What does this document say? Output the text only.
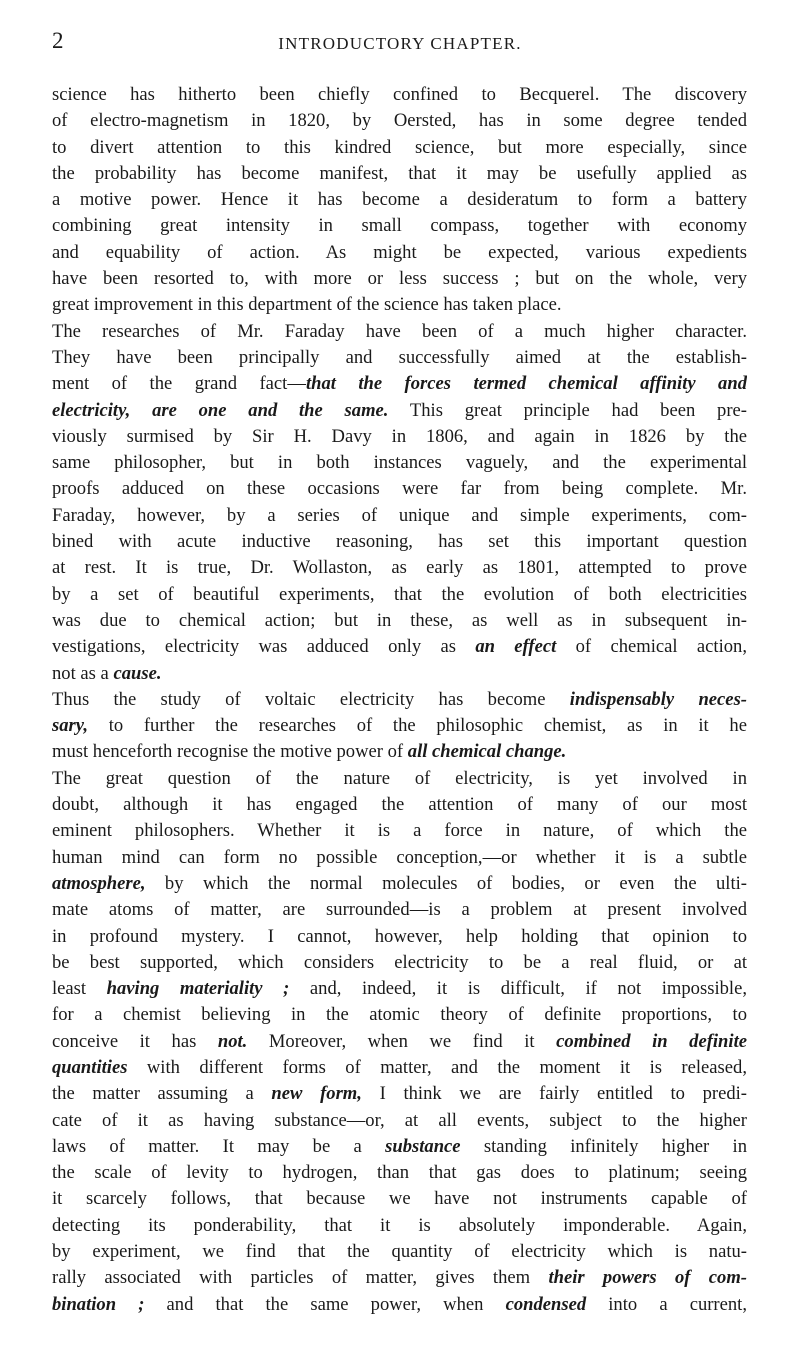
2	INTRODUCTORY CHAPTER.
science has hitherto been chiefly confined to Becquerel. The discovery
of electro-magnetism in 1820, by Oersted, has in some degree tended
to divert attention to this kindred science, but more especially, since
the probability has become manifest, that it may be usefully applied as
a motive power. Hence it has become a desideratum to form a battery
combining great intensity in small compass, together with economy
and equability of action. As might be expected, various expedients
have been resorted to, with more or less success ; but on the whole, very
great improvement in this department of the science has taken place.
The researches of Mr. Faraday have been of a much higher character.
They have been principally and successfully aimed at the establish-
ment of the grand fact—that the forces termed chemical affinity and
electricity, are one and the same. This great principle had been pre-
viously surmised by Sir H. Davy in 1806, and again in 1826 by the
same philosopher, but in both instances vaguely, and the experimental
proofs adduced on these occasions were far from being complete. Mr.
Faraday, however, by a series of unique and simple experiments, com-
bined with acute inductive reasoning, has set this important question
at rest. It is true, Dr. Wollaston, as early as 1801, attempted to prove
by a set of beautiful experiments, that the evolution of both electricities
was due to chemical action; but in these, as well as in subsequent in-
vestigations, electricity was adduced only as an effect of chemical action,
not as a cause.
Thus the study of voltaic electricity has become indispensably neces-
sary, to further the researches of the philosophic chemist, as in it he
must henceforth recognise the motive power of all chemical change.
The great question of the nature of electricity, is yet involved in
doubt, although it has engaged the attention of many of our most
eminent philosophers. Whether it is a force in nature, of which the
human mind can form no possible conception,—or whether it is a subtle
atmosphere, by which the normal molecules of bodies, or even the ulti-
mate atoms of matter, are surrounded—is a problem at present involved
in profound mystery. I cannot, however, help holding that opinion to
be best supported, which considers electricity to be a real fluid, or at
least having materiality ; and, indeed, it is difficult, if not impossible,
for a chemist believing in the atomic theory of definite proportions, to
conceive it has not. Moreover, when we find it combined in definite
quantities with different forms of matter, and the moment it is released,
the matter assuming a new form, I think we are fairly entitled to predi-
cate of it as having substance—or, at all events, subject to the higher
laws of matter. It may be a substance standing infinitely higher in
the scale of levity to hydrogen, than that gas does to platinum; seeing
it scarcely follows, that because we have not instruments capable of
detecting its ponderability, that it is absolutely imponderable. Again,
by experiment, we find that the quantity of electricity which is natu-
rally associated with particles of matter, gives them their powers of com-
bination ; and that the same power, when condensed into a current,
